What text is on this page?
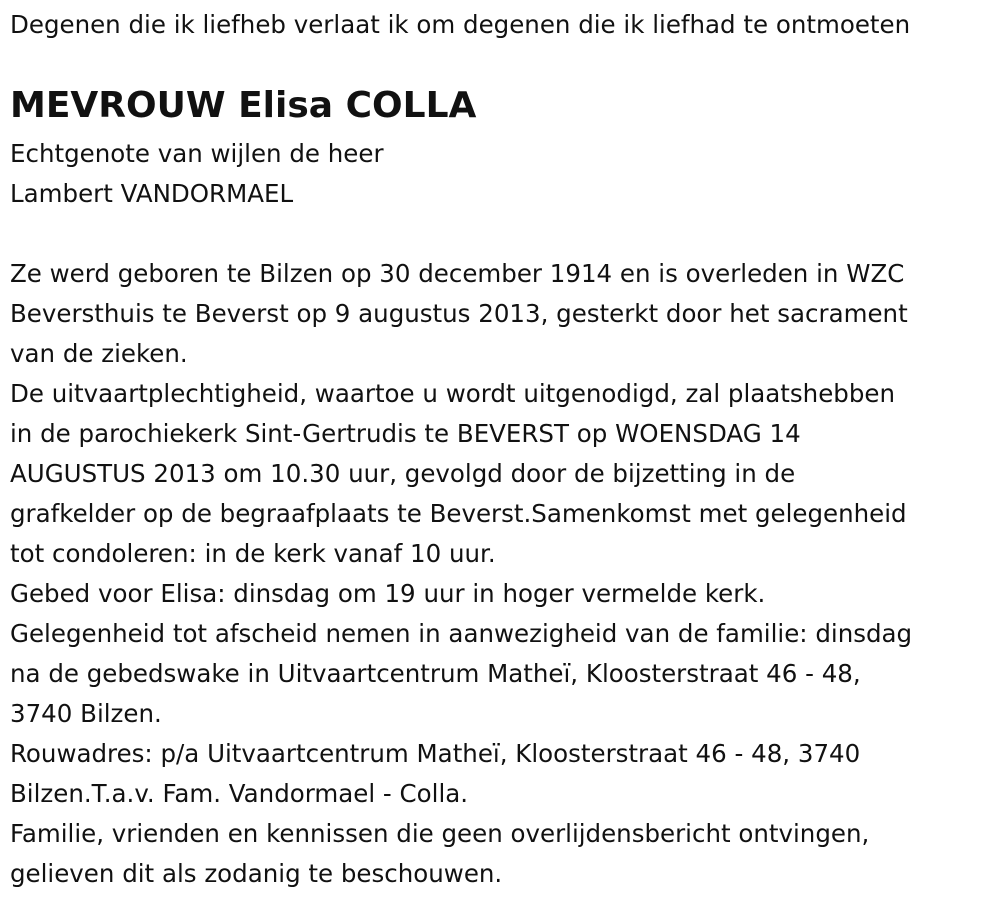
Degenen die ik liefheb verlaat ik om degenen die ik liefhad te ontmoeten
MEVROUW Elisa COLLA
Echtgenote van wijlen de heer
Lambert VANDORMAEL
Ze werd geboren te Bilzen op 30 december 1914 en is overleden in WZC
Beversthuis te Beverst op 9 augustus 2013, gesterkt door het sacrament
van de zieken.
De uitvaartplechtigheid, waartoe u wordt uitgenodigd, zal plaatshebben
in de parochiekerk Sint-Gertrudis te BEVERST op WOENSDAG 14
AUGUSTUS 2013 om 10.30 uur, gevolgd door de bijzetting in de
grafkelder op de begraafplaats te Beverst.Samenkomst met gelegenheid
tot condoleren: in de kerk vanaf 10 uur.
Gebed voor Elisa: dinsdag om 19 uur in hoger vermelde kerk.
Gelegenheid tot afscheid nemen in aanwezigheid van de familie: dinsdag
na de gebedswake in Uitvaartcentrum Matheï, Kloosterstraat 46 - 48,
3740 Bilzen.
Rouwadres: p/a Uitvaartcentrum Matheï, Kloosterstraat 46 - 48, 3740
Bilzen.T.a.v. Fam. Vandormael - Colla.
Familie, vrienden en kennissen die geen overlijdensbericht ontvingen,
gelieven dit als zodanig te beschouwen.
